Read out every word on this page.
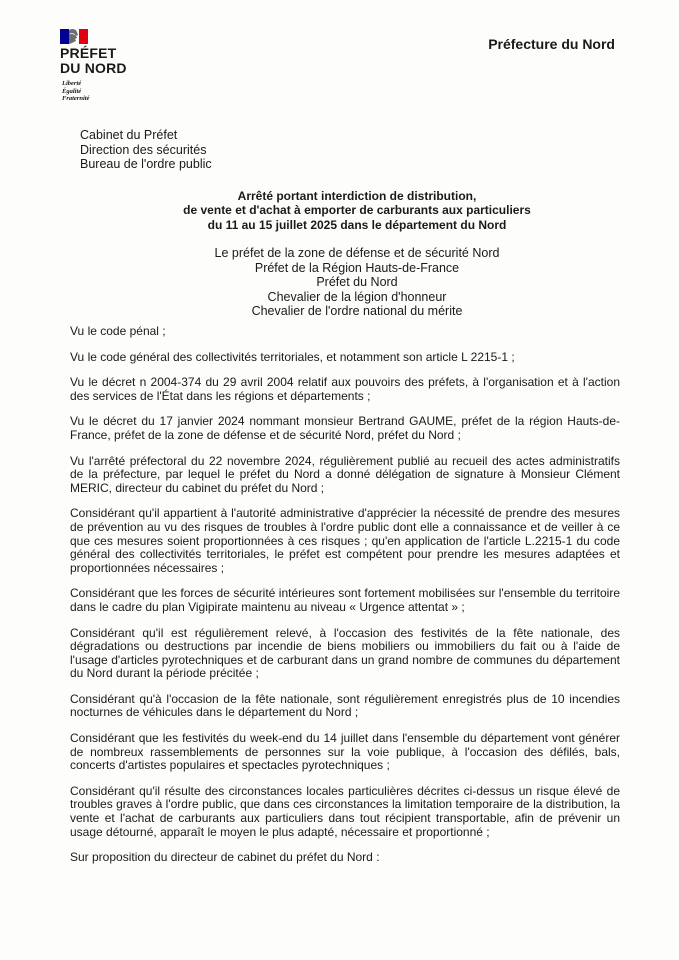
PRÉFET
DU NORD
Liberté
Égalité
Fraternité
Préfecture du Nord
Cabinet du Préfet
Direction des sécurités
Bureau de l'ordre public
Arrêté portant interdiction de distribution,
de vente et d'achat à emporter de carburants aux particuliers
du 11 au 15 juillet 2025 dans le département du Nord
Le préfet de la zone de défense et de sécurité Nord
Préfet de la Région Hauts-de-France
Préfet du Nord
Chevalier de la légion d'honneur
Chevalier de l'ordre national du mérite

Vu le code pénal ;

Vu le code général des collectivités territoriales, et notamment son article L 2215-1 ;

Vu le décret n 2004-374 du 29 avril 2004 relatif aux pouvoirs des préfets, à l'organisation et à l'action des services de l'État dans les régions et départements ;

Vu le décret du 17 janvier 2024 nommant monsieur Bertrand GAUME, préfet de la région Hauts-de-France, préfet de la zone de défense et de sécurité Nord, préfet du Nord ;

Vu l'arrêté préfectoral du 22 novembre 2024, régulièrement publié au recueil des actes administratifs de la préfecture, par lequel le préfet du Nord a donné délégation de signature à Monsieur Clément MERIC, directeur du cabinet du préfet du Nord ;

Considérant qu'il appartient à l'autorité administrative d'apprécier la nécessité de prendre des mesures de prévention au vu des risques de troubles à l'ordre public dont elle a connaissance et de veiller à ce que ces mesures soient proportionnées à ces risques ; qu'en application de l'article L.2215-1 du code général des collectivités territoriales, le préfet est compétent pour prendre les mesures adaptées et proportionnées nécessaires ;

Considérant que les forces de sécurité intérieures sont fortement mobilisées sur l'ensemble du territoire dans le cadre du plan Vigipirate maintenu au niveau « Urgence attentat » ;

Considérant qu'il est régulièrement relevé, à l'occasion des festivités de la fête nationale, des dégradations ou destructions par incendie de biens mobiliers ou immobiliers du fait ou à l'aide de l'usage d'articles pyrotechniques et de carburant dans un grand nombre de communes du département du Nord durant la période précitée ;

Considérant qu'à l'occasion de la fête nationale, sont régulièrement enregistrés plus de 10 incendies nocturnes de véhicules dans le département du Nord ;

Considérant que les festivités du week-end du 14 juillet dans l'ensemble du département vont générer de nombreux rassemblements de personnes sur la voie publique, à l'occasion des défilés, bals, concerts d'artistes populaires et spectacles pyrotechniques ;

Considérant qu'il résulte des circonstances locales particulières décrites ci-dessus un risque élevé de troubles graves à l'ordre public, que dans ces circonstances la limitation temporaire de la distribution, la vente et l'achat de carburants aux particuliers dans tout récipient transportable, afin de prévenir un usage détourné, apparaît le moyen le plus adapté, nécessaire et proportionné ;

Sur proposition du directeur de cabinet du préfet du Nord :
